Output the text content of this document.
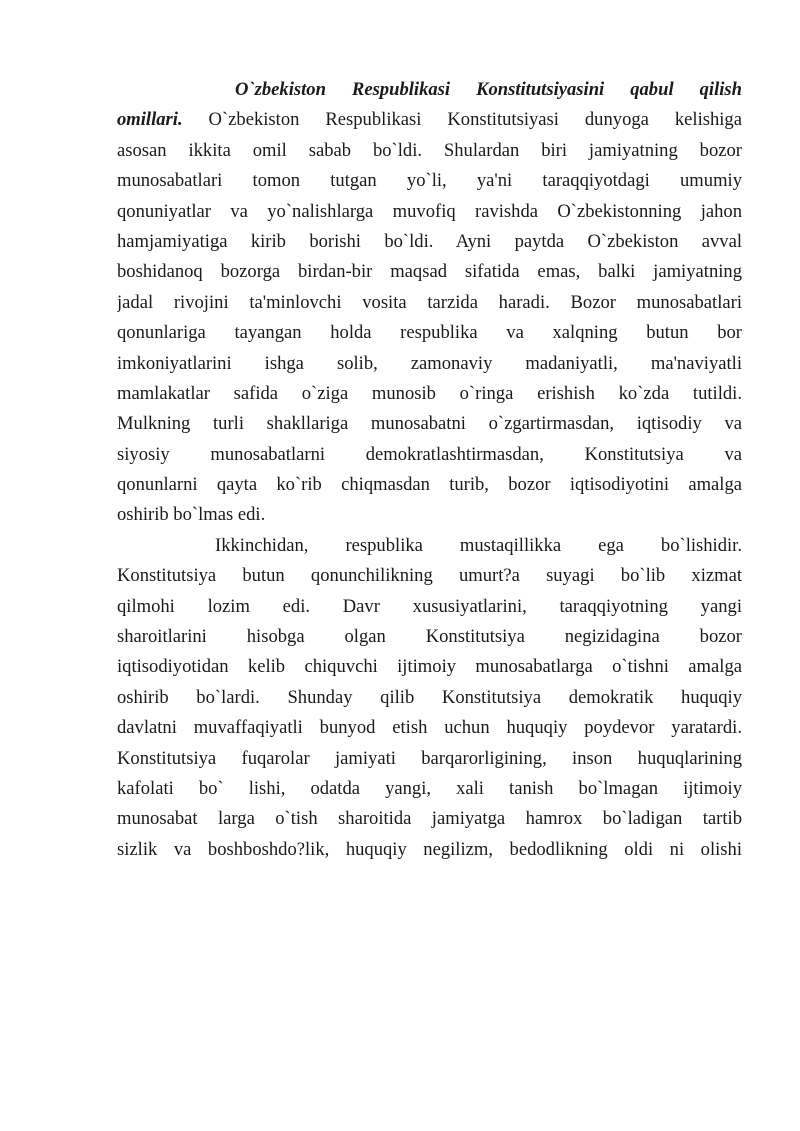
O`zbekiston Respublikasi Konstitutsiyasini qabul qilish
omillari. O`zbekiston Respublikasi Konstitutsiyasi dunyoga kelishiga
asosan ikkita omil sabab bo`ldi. Shulardan biri jamiyatning bozor
munosabatlari tomon tutgan yo`li, ya'ni taraqqiyotdagi umumiy
qonuniyatlar va yo`nalishlarga muvofiq ravishda O`zbekistonning jahon
hamjamiyatiga kirib borishi bo`ldi. Ayni paytda O`zbekiston avval
boshidanoq bozorga birdan-bir maqsad sifatida emas, balki jamiyatning
jadal rivojini ta'minlovchi vosita tarzida haradi. Bozor munosabatlari
qonunlariga tayangan holda respublika va xalqning butun bor
imkoniyatlarini ishga solib, zamonaviy madaniyatli, ma'naviyatli
mamlakatlar safida o`ziga munosib o`ringa erishish ko`zda tutildi.
Mulkning turli shakllariga munosabatni o`zgartirmasdan, iqtisodiy va
siyosiy munosabatlarni demokratlashtirmasdan, Konstitutsiya va
qonunlarni qayta ko`rib chiqmasdan turib, bozor iqtisodiyotini amalga
oshirib bo`lmas edi.
Ikkinchidan, respublika mustaqillikka ega bo`lishidir.
Konstitutsiya butun qonunchilikning umurt?a suyagi bo`lib xizmat
qilmohi lozim edi. Davr xususiyatlarini, taraqqiyotning yangi
sharoitlarini hisobga olgan Konstitutsiya negizidagina bozor
iqtisodiyotidan kelib chiquvchi ijtimoiy munosabatlarga o`tishni amalga
oshirib bo`lardi. Shunday qilib Konstitutsiya demokratik huquqiy
davlatni muvaffaqiyatli bunyod etish uchun huquqiy poydevor yaratardi.
Konstitutsiya fuqarolar jamiyati barqarorligining, inson huquqlarining
kafolati bo` lishi, odatda yangi, xali tanish bo`lmagan ijtimoiy
munosabat larga o`tish sharoitida jamiyatga hamrox bo`ladigan tartib
sizlik va boshboshdo?lik, huquqiy negilizm, bedodlikning oldi ni olishi
